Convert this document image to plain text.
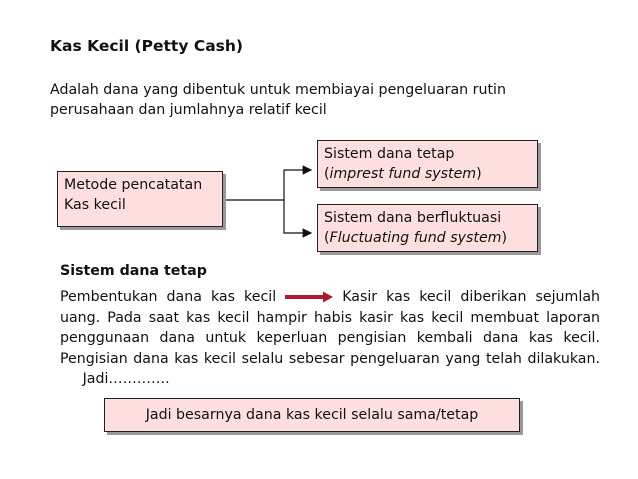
Kas Kecil (Petty Cash)
Adalah dana yang dibentuk untuk membiayai pengeluaran rutin perusahaan dan jumlahnya relatif kecil
Metode pencatatan
Kas kecil
Sistem dana tetap
(imprest fund system)
Sistem dana berfluktuasi
(Fluctuating fund system)
Sistem dana tetap
Pembentukan dana kas kecil	Kasir kas kecil diberikan sejumlah uang. Pada saat kas kecil hampir habis kasir kas kecil membuat laporan penggunaan dana untuk keperluan pengisian kembali dana kas kecil. Pengisian dana kas kecil selalu sebesar pengeluaran yang telah dilakukan.      Jadi………….
Jadi besarnya dana kas kecil selalu sama/tetap
